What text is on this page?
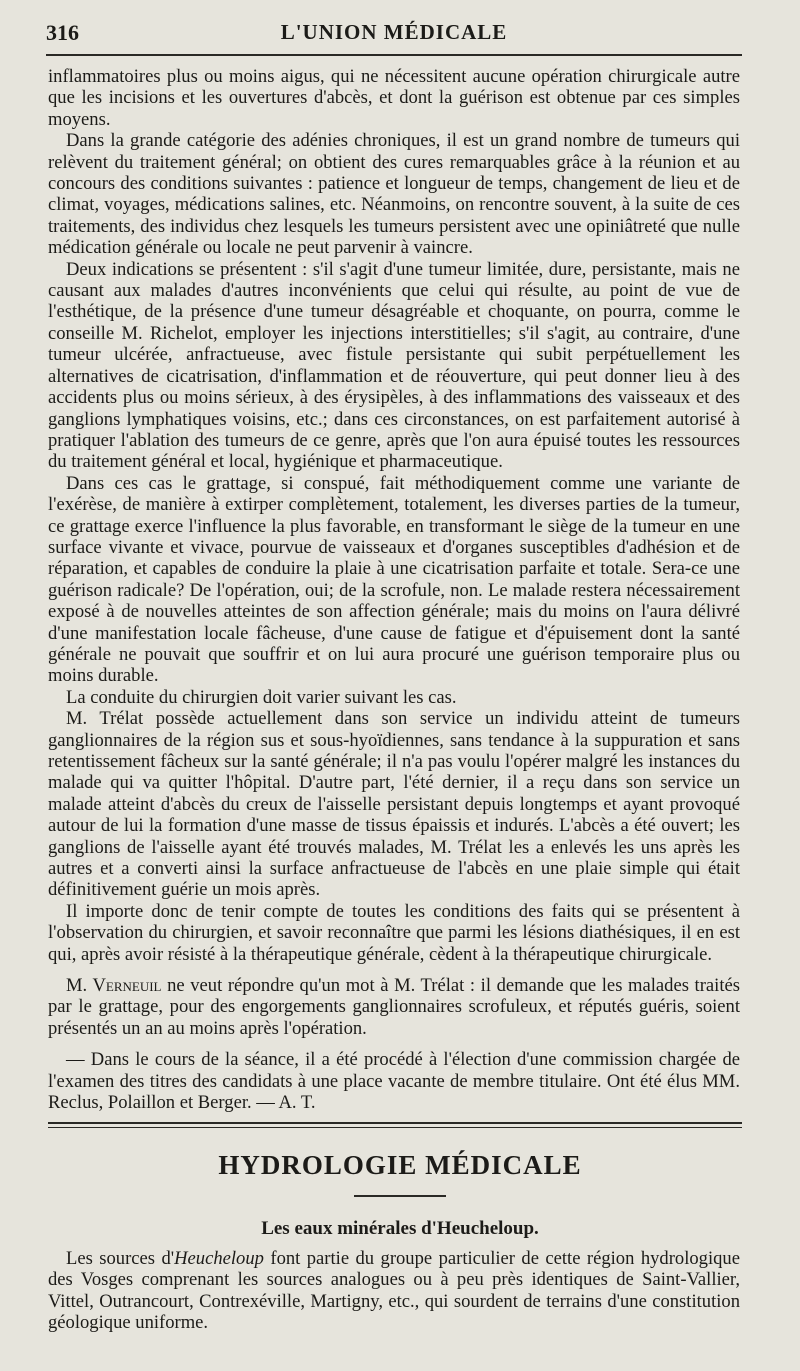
316	L'UNION MÉDICALE

inflammatoires plus ou moins aigus, qui ne nécessitent aucune opération chirurgicale autre que les incisions et les ouvertures d'abcès, et dont la guérison est obtenue par ces simples moyens.

Dans la grande catégorie des adénies chroniques, il est un grand nombre de tumeurs qui relèvent du traitement général; on obtient des cures remarquables grâce à la réunion et au concours des conditions suivantes : patience et longueur de temps, changement de lieu et de climat, voyages, médications salines, etc. Néanmoins, on rencontre souvent, à la suite de ces traitements, des individus chez lesquels les tumeurs persistent avec une opiniâtreté que nulle médication générale ou locale ne peut parvenir à vaincre.

Deux indications se présentent : s'il s'agit d'une tumeur limitée, dure, persistante, mais ne causant aux malades d'autres inconvénients que celui qui résulte, au point de vue de l'esthétique, de la présence d'une tumeur désagréable et choquante, on pourra, comme le conseille M. Richelot, employer les injections interstitielles; s'il s'agit, au contraire, d'une tumeur ulcérée, anfractueuse, avec fistule persistante qui subit perpétuellement les alternatives de cicatrisation, d'inflammation et de réouverture, qui peut donner lieu à des accidents plus ou moins sérieux, à des érysipèles, à des inflammations des vaisseaux et des ganglions lymphatiques voisins, etc.; dans ces circonstances, on est parfaitement autorisé à pratiquer l'ablation des tumeurs de ce genre, après que l'on aura épuisé toutes les ressources du traitement général et local, hygiénique et pharmaceutique.

Dans ces cas le grattage, si conspué, fait méthodiquement comme une variante de l'exérèse, de manière à extirper complètement, totalement, les diverses parties de la tumeur, ce grattage exerce l'influence la plus favorable, en transformant le siège de la tumeur en une surface vivante et vivace, pourvue de vaisseaux et d'organes susceptibles d'adhésion et de réparation, et capables de conduire la plaie à une cicatrisation parfaite et totale. Sera-ce une guérison radicale? De l'opération, oui; de la scrofule, non. Le malade restera nécessairement exposé à de nouvelles atteintes de son affection générale; mais du moins on l'aura délivré d'une manifestation locale fâcheuse, d'une cause de fatigue et d'épuisement dont la santé générale ne pouvait que souffrir et on lui aura procuré une guérison temporaire plus ou moins durable.

La conduite du chirurgien doit varier suivant les cas.

M. Trélat possède actuellement dans son service un individu atteint de tumeurs ganglionnaires de la région sus et sous-hyoïdiennes, sans tendance à la suppuration et sans retentissement fâcheux sur la santé générale; il n'a pas voulu l'opérer malgré les instances du malade qui va quitter l'hôpital. D'autre part, l'été dernier, il a reçu dans son service un malade atteint d'abcès du creux de l'aisselle persistant depuis longtemps et ayant provoqué autour de lui la formation d'une masse de tissus épaissis et indurés. L'abcès a été ouvert; les ganglions de l'aisselle ayant été trouvés malades, M. Trélat les a enlevés les uns après les autres et a converti ainsi la surface anfractueuse de l'abcès en une plaie simple qui était définitivement guérie un mois après.

Il importe donc de tenir compte de toutes les conditions des faits qui se présentent à l'observation du chirurgien, et savoir reconnaître que parmi les lésions diathésiques, il en est qui, après avoir résisté à la thérapeutique générale, cèdent à la thérapeutique chirurgicale.

M. Verneuil ne veut répondre qu'un mot à M. Trélat : il demande que les malades traités par le grattage, pour des engorgements ganglionnaires scrofuleux, et réputés guéris, soient présentés un an au moins après l'opération.

— Dans le cours de la séance, il a été procédé à l'élection d'une commission chargée de l'examen des titres des candidats à une place vacante de membre titulaire. Ont été élus MM. Reclus, Polaillon et Berger. — A. T.

HYDROLOGIE MÉDICALE
Les eaux minérales d'Heucheloup.

Les sources d'Heucheloup font partie du groupe particulier de cette région hydrologique des Vosges comprenant les sources analogues ou à peu près identiques de Saint-Vallier, Vittel, Outrancourt, Contrexéville, Martigny, etc., qui sourdent de terrains d'une constitution géologique uniforme.
